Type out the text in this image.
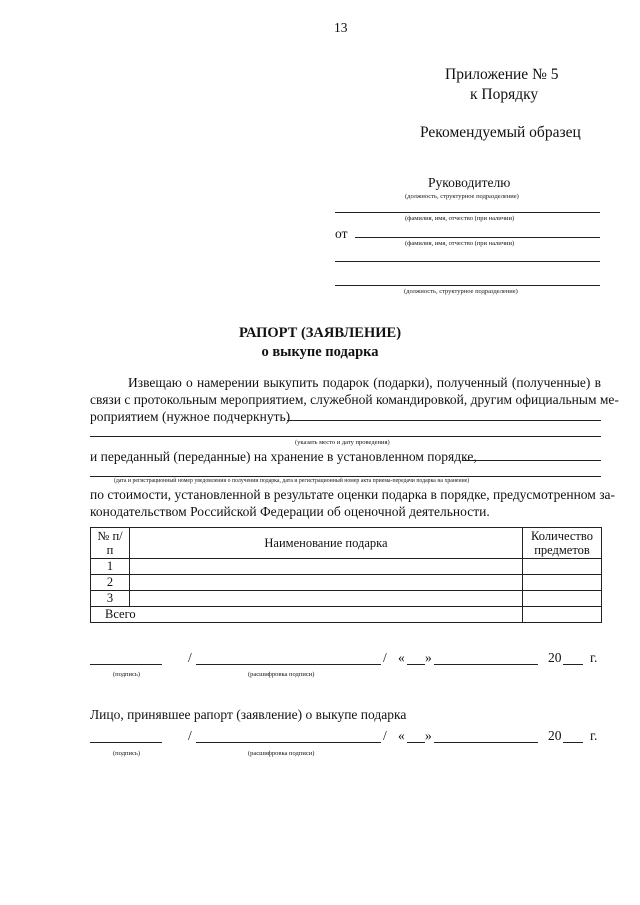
13
Приложение № 5
к Порядку
Рекомендуемый образец
Руководителю
(должность, структурное подразделение)
(фамилия, имя, отчество (при наличии)
от
(фамилия, имя, отчество (при наличии)
(должность, структурное подразделение)
РАПОРТ (ЗАЯВЛЕНИЕ)
о выкупе подарка
Извещаю о намерении выкупить подарок (подарки), полученный (полученные) в
связи с протокольным мероприятием, служебной командировкой, другим официальным ме-
роприятием (нужное подчеркнуть)
(указать место и дату проведения)
и переданный (переданные) на хранение в установленном порядке,
(дата и регистрационный номер уведомления о получении подарка, дата и регистрационный номер акта приема-передачи подарка на хранение)
по стоимости, установленной в результате оценки подарка в порядке, предусмотренном за-
конодательством Российской Федерации об оценочной деятельности.
№ п/п	Наименование подарка	Количество предметов
1		
2		
3		
Всего		
/	/ « »	20 г.
(подпись)	(расшифровка подписи)
Лицо, принявшее рапорт (заявление) о выкупе подарка
/	/ « »	20 г.
(подпись)	(расшифровка подписи)
